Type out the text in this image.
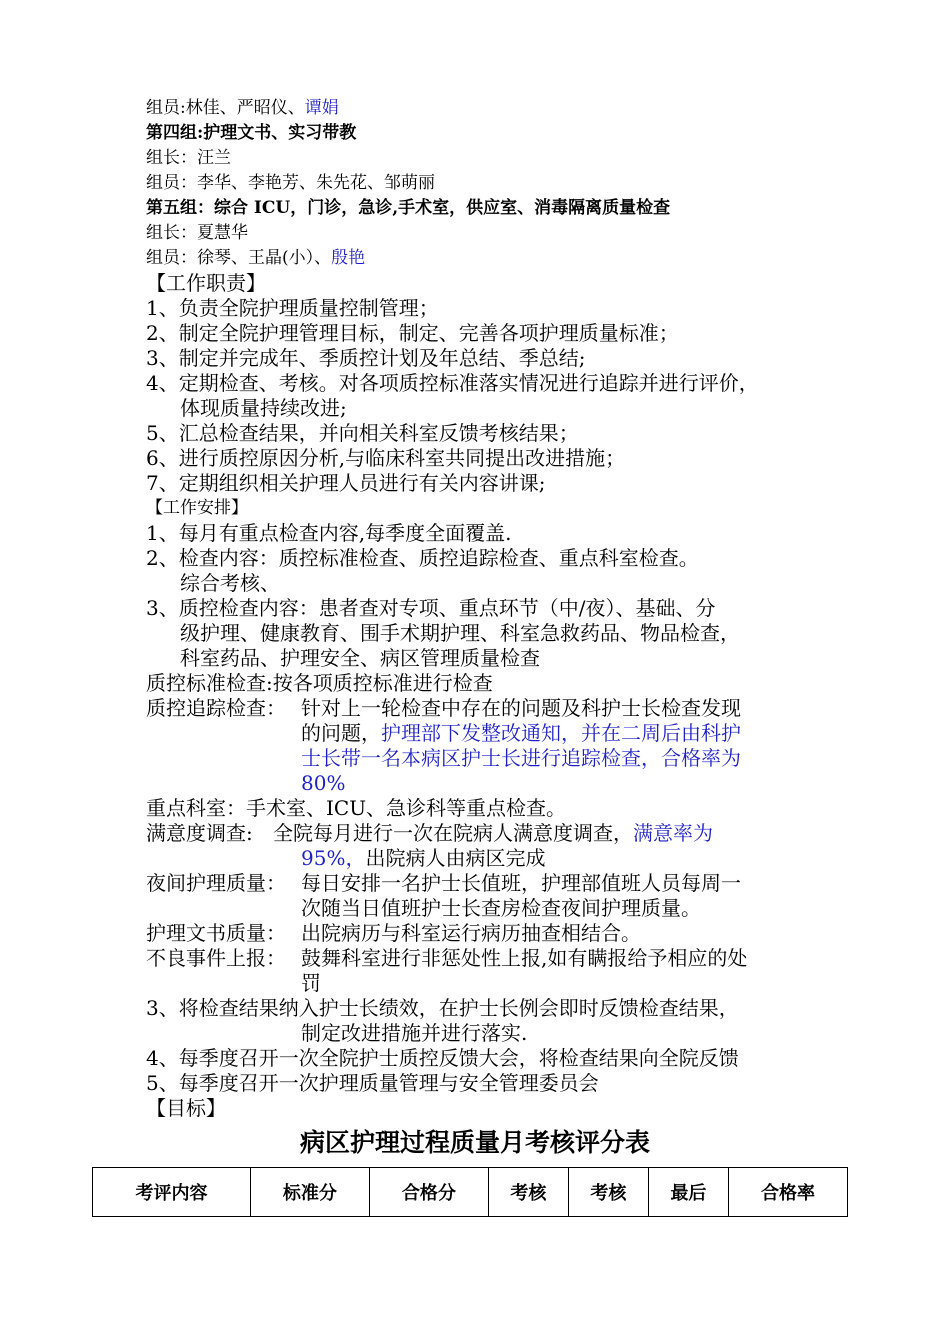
组员:林佳、严昭仪、谭娟
第四组:护理文书、实习带教
组长：汪兰
组员：李华、李艳芳、朱先花、邹萌丽
第五组：综合 ICU，门诊，急诊,手术室，供应室、消毒隔离质量检查
组长：夏慧华
组员：徐琴、王晶(小）、殷艳
【工作职责】
1、负责全院护理质量控制管理；
2、制定全院护理管理目标，制定、完善各项护理质量标准；
3、制定并完成年、季质控计划及年总结、季总结;
4、定期检查、考核。对各项质控标准落实情况进行追踪并进行评价，
体现质量持续改进;
5、汇总检查结果，并向相关科室反馈考核结果；
6、进行质控原因分析,与临床科室共同提出改进措施；
7、定期组织相关护理人员进行有关内容讲课;
【工作安排】
1、每月有重点检查内容,每季度全面覆盖.
2、检查内容：质控标准检查、质控追踪检查、重点科室检查。
综合考核、
3、质控检查内容：患者查对专项、重点环节（中/夜）、基础、分
级护理、健康教育、围手术期护理、科室急救药品、物品检查，
科室药品、护理安全、病区管理质量检查
质控标准检查:按各项质控标准进行检查
质控追踪检查： 针对上一轮检查中存在的问题及科护士长检查发现
的问题，护理部下发整改通知，并在二周后由科护
士长带一名本病区护士长进行追踪检查，合格率为
80%
重点科室：手术室、ICU、急诊科等重点检查。
满意度调查: 全院每月进行一次在院病人满意度调查，满意率为
95%，出院病人由病区完成
夜间护理质量： 每日安排一名护士长值班，护理部值班人员每周一
次随当日值班护士长查房检查夜间护理质量。
护理文书质量： 出院病历与科室运行病历抽查相结合。
不良事件上报： 鼓舞科室进行非惩处性上报,如有瞒报给予相应的处
罚
3、将检查结果纳入护士长绩效，在护士长例会即时反馈检查结果，
制定改进措施并进行落实.
4、每季度召开一次全院护士质控反馈大会，将检查结果向全院反馈
5、每季度召开一次护理质量管理与安全管理委员会
【目标】
病区护理过程质量月考核评分表
考评内容	标准分	合格分	考核	考核	最后	合格率
